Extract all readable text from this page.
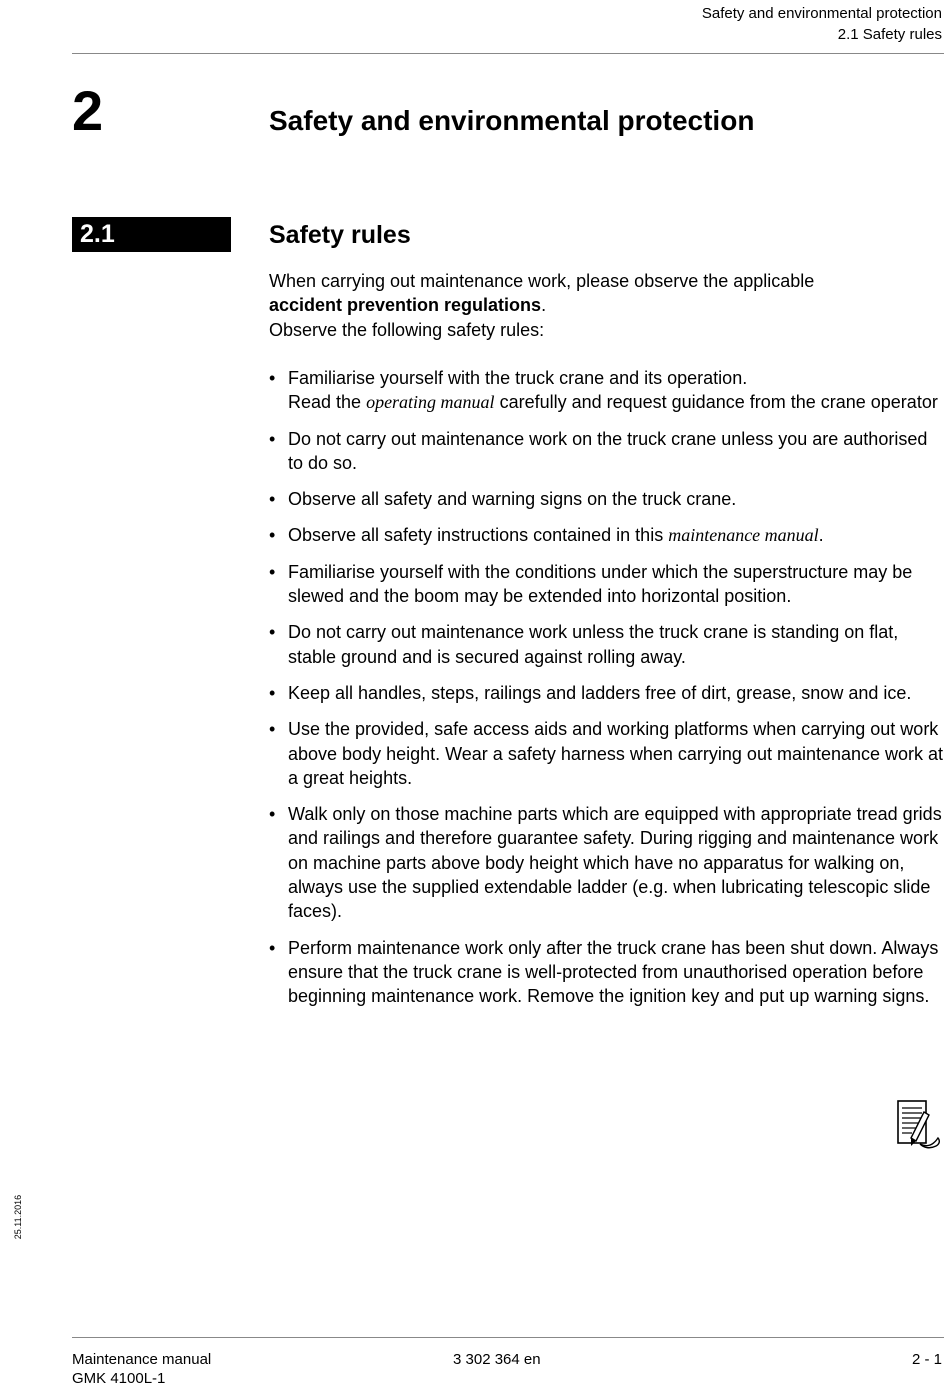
Safety and environmental protection
2.1 Safety rules
2	Safety and environmental protection
2.1	Safety rules

When carrying out maintenance work, please observe the applicable

accident prevention regulations.

Observe the following safety rules:

• Familiarise yourself with the truck crane and its operation.

Read the operating manual carefully and request guidance from the crane operator

• Do not carry out maintenance work on the truck crane unless you are authorised to do so.

• Observe all safety and warning signs on the truck crane.

• Observe all safety instructions contained in this maintenance manual.

• Familiarise yourself with the conditions under which the superstructure may be slewed and the boom may be extended into horizontal position.

• Do not carry out maintenance work unless the truck crane is standing on flat, stable ground and is secured against rolling away.

• Keep all handles, steps, railings and ladders free of dirt, grease, snow and ice.

• Use the provided, safe access aids and working platforms when carrying out work above body height. Wear a safety harness when carrying out maintenance work at a great heights.

• Walk only on those machine parts which are equipped with appropriate tread grids and railings and therefore guarantee safety. During rigging and maintenance work on machine parts above body height which have no apparatus for walking on, always use the supplied extendable ladder (e.g. when lubricating telescopic slide faces).

• Perform maintenance work only after the truck crane has been shut down. Always ensure that the truck crane is well-protected from unauthorised operation before beginning maintenance work. Remove the ignition key and put up warning signs.

25.11.2016
Maintenance manual
GMK 4100L-1
3 302 364 en	2 - 1
